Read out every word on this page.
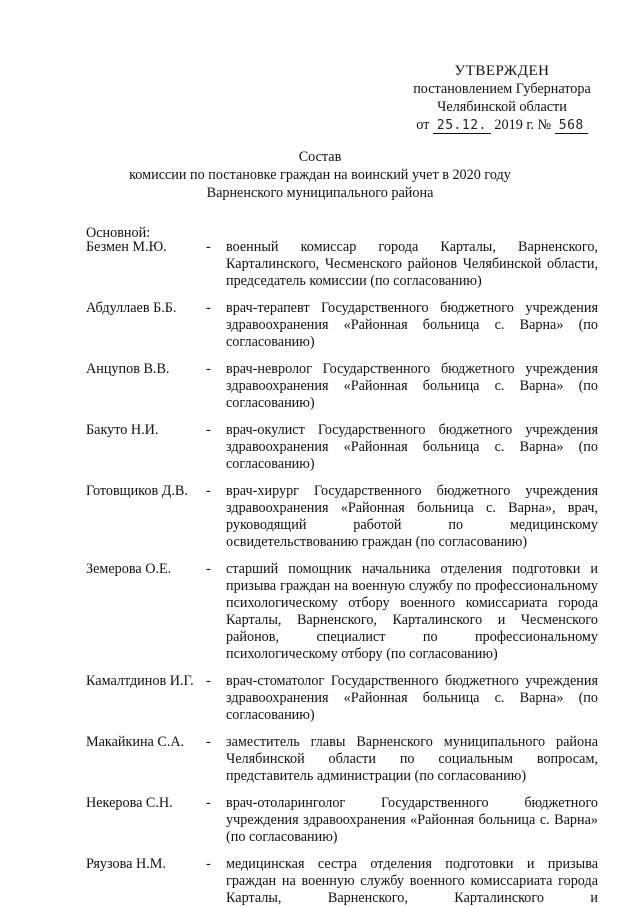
УТВЕРЖДЕН
постановлением Губернатора
Челябинской области
от 25.12. 2019 г. № 568
Состав
комиссии по постановке граждан на воинский учет в 2020 году
Варненского муниципального района
Основной:
Безмен М.Ю.	-	военный комиссар города Карталы, Варненского, Карталинского, Чесменского районов Челябинской области, председатель комиссии (по согласованию)
Абдуллаев Б.Б.	-	врач-терапевт Государственного бюджетного учреждения здравоохранения «Районная больница с. Варна» (по согласованию)
Анцупов В.В.	-	врач-невролог Государственного бюджетного учреждения здравоохранения «Районная больница с. Варна» (по согласованию)
Бакуто Н.И.	-	врач-окулист Государственного бюджетного учреждения здравоохранения «Районная больница с. Варна» (по согласованию)
Готовщиков Д.В.	-	врач-хирург Государственного бюджетного учреждения здравоохранения «Районная больница с. Варна», врач, руководящий работой по медицинскому освидетельствованию граждан (по согласованию)
Земерова О.Е.	-	старший помощник начальника отделения подготовки и призыва граждан на военную службу по профессиональному психологическому отбору военного комиссариата города Карталы, Варненского, Карталинского и Чесменского районов, специалист по профессиональному психологическому отбору (по согласованию)
Камалтдинов И.Г. -	врач-стоматолог Государственного бюджетного учреждения здравоохранения «Районная больница с. Варна» (по согласованию)
Макайкина С.А.	-	заместитель главы Варненского муниципального района Челябинской области по социальным вопросам, представитель администрации (по согласованию)
Некерова С.Н.	-	врач-отоларинголог Государственного бюджетного учреждения здравоохранения «Районная больница с. Варна» (по согласованию)
Ряузова Н.М.	-	медицинская сестра отделения подготовки и призыва граждан на военную службу военного комиссариата города Карталы, Варненского, Карталинского и
